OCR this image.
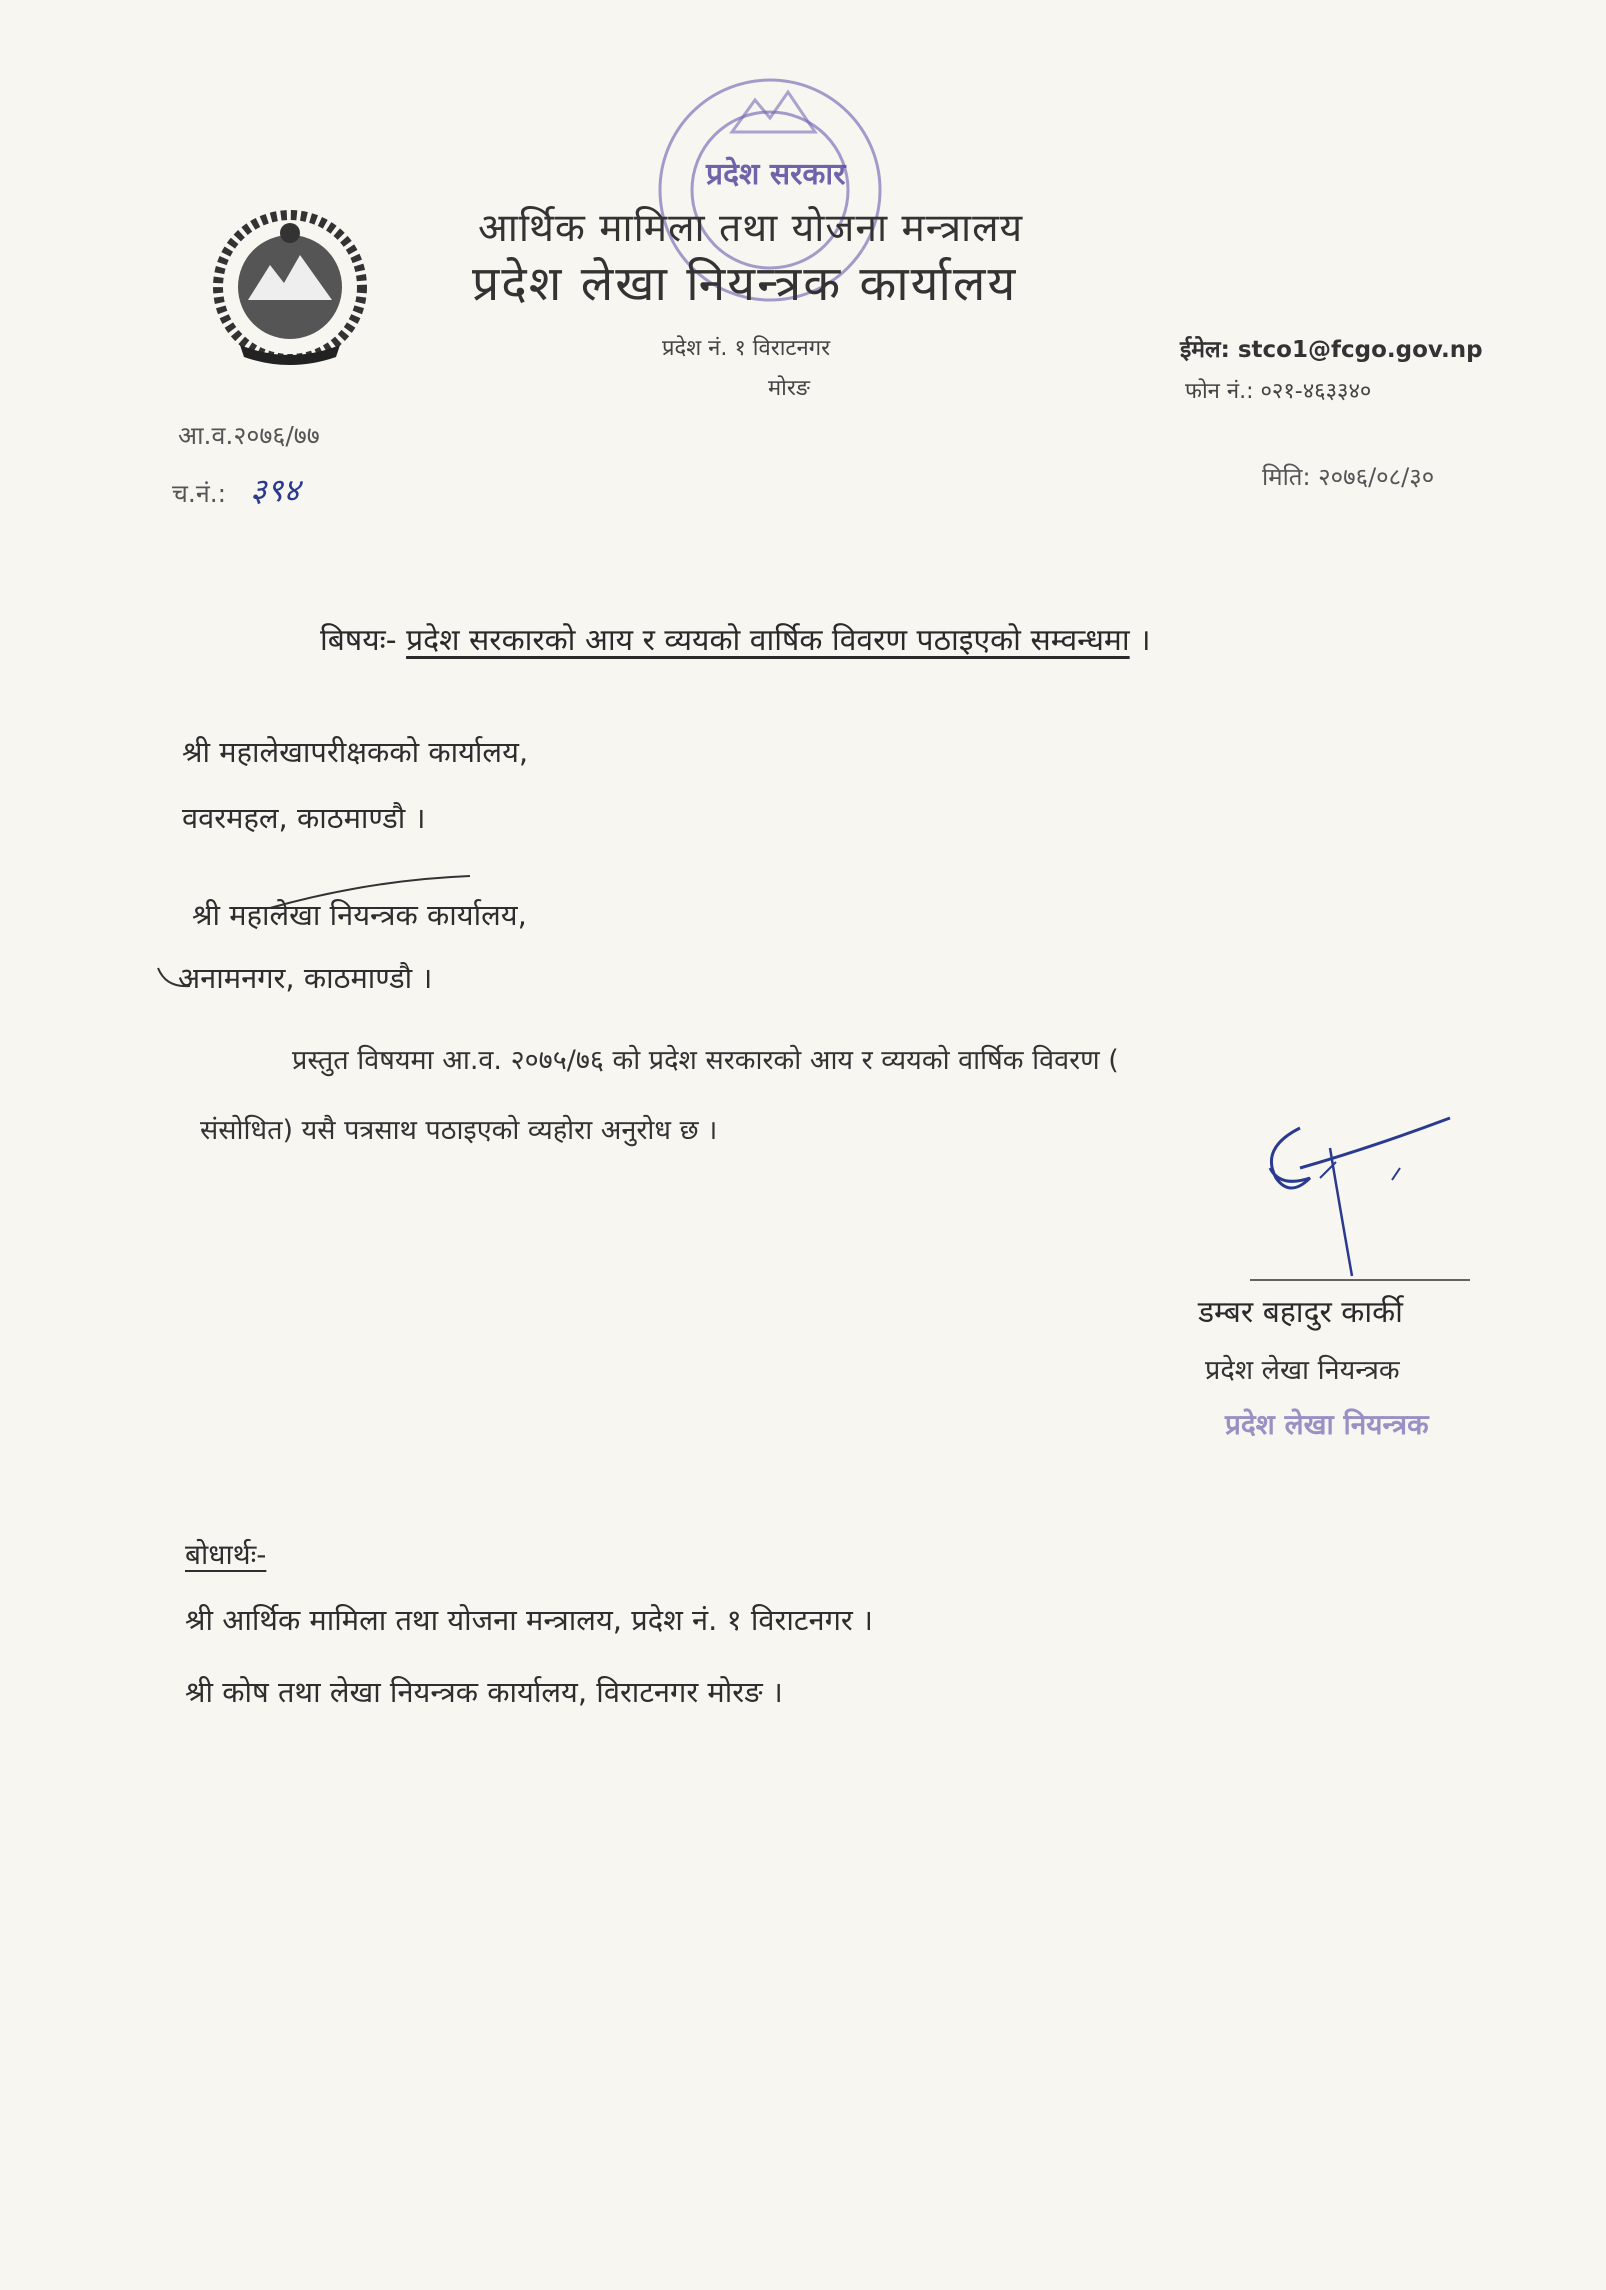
प्रदेश सरकार
आर्थिक मामिला तथा योजना मन्त्रालय
प्रदेश लेखा नियन्त्रक कार्यालय
प्रदेश नं. १ विराटनगर
मोरङ
ईमेल: stco1@fcgo.gov.np
फोन नं.: ०२१-४६३३४०
आ.व.२०७६/७७
च.नं.: ३९४	मिति: २०७६/०८/३०
बिषयः- प्रदेश सरकारको आय र व्ययको वार्षिक विवरण पठाइएको सम्वन्धमा ।
श्री महालेखापरीक्षकको कार्यालय,
ववरमहल, काठमाण्डौ ।
श्री महालेखा नियन्त्रक कार्यालय,
अनामनगर, काठमाण्डौ ।
प्रस्तुत विषयमा आ.व. २०७५/७६ को प्रदेश सरकारको आय र व्ययको वार्षिक विवरण (
संसोधित) यसै पत्रसाथ पठाइएको व्यहोरा अनुरोध छ ।
डम्बर बहादुर कार्की
प्रदेश लेखा नियन्त्रक
प्रदेश लेखा नियन्त्रक
बोधार्थः-
श्री आर्थिक मामिला तथा योजना मन्त्रालय, प्रदेश नं. १ विराटनगर ।
श्री कोष तथा लेखा नियन्त्रक कार्यालय, विराटनगर मोरङ ।
